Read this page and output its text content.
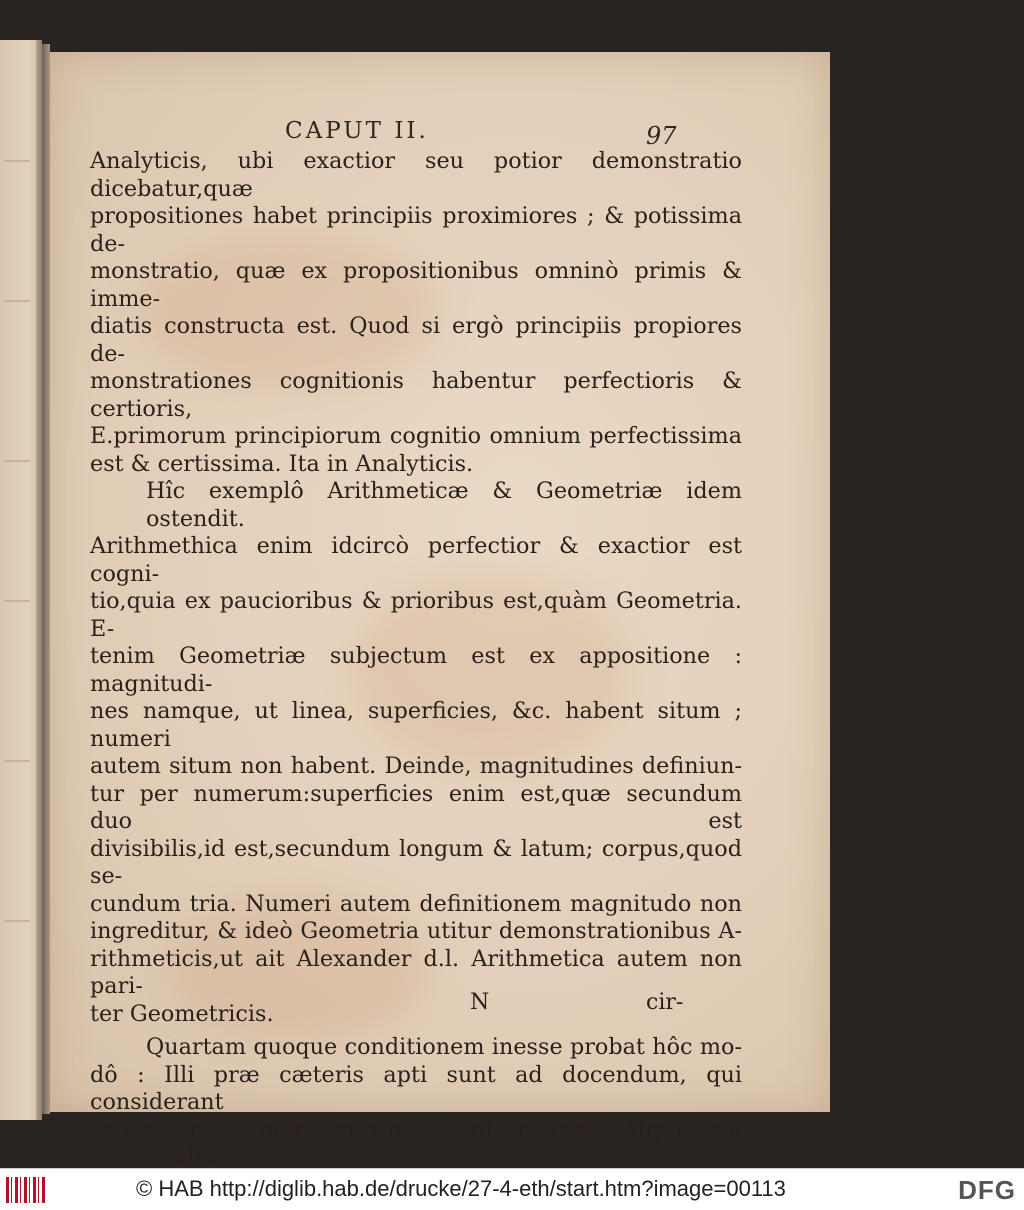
CAPUT II.	97

Analyticis, ubi exactior seu potior demonstratio dicebatur,quæ

propositiones habet principiis proximiores ; & potissima de-

monstratio, quæ ex propositionibus omninò primis & imme-

diatis constructa est. Quod si ergò principiis propiores de-

monstrationes cognitionis habentur perfectioris & certioris,

E.primorum principiorum cognitio omnium perfectissima

est & certissima. Ita in Analyticis.

Hîc exemplô Arithmeticæ & Geometriæ idem ostendit.

Arithmethica enim idcircò perfectior & exactior est cogni-

tio,quia ex paucioribus & prioribus est,quàm Geometria. E-

tenim Geometriæ subjectum est ex appositione : magnitudi-

nes namque, ut linea, superficies, &c. habent situm ; numeri

autem situm non habent. Deinde, magnitudines definiun-

tur per numerum:superficies enim est,quæ secundum duo est

divisibilis,id est,secundum longum & latum; corpus,quod se-

cundum tria. Numeri autem definitionem magnitudo non

ingreditur, & ideò Geometria utitur demonstrationibus A-

rithmeticis,ut ait Alexander d.l. Arithmetica autem non pari-

ter Geometricis.

Quartam quoque conditionem inesse probat hôc mo-

dô : Illi præ cæteris apti sunt ad docendum, qui considerant

causas eas, quæ maximè sunt causæ. Atqui qui universalissi-

N	cir-
© HAB http://diglib.hab.de/drucke/27-4-eth/start.htm?image=00113	DFG
